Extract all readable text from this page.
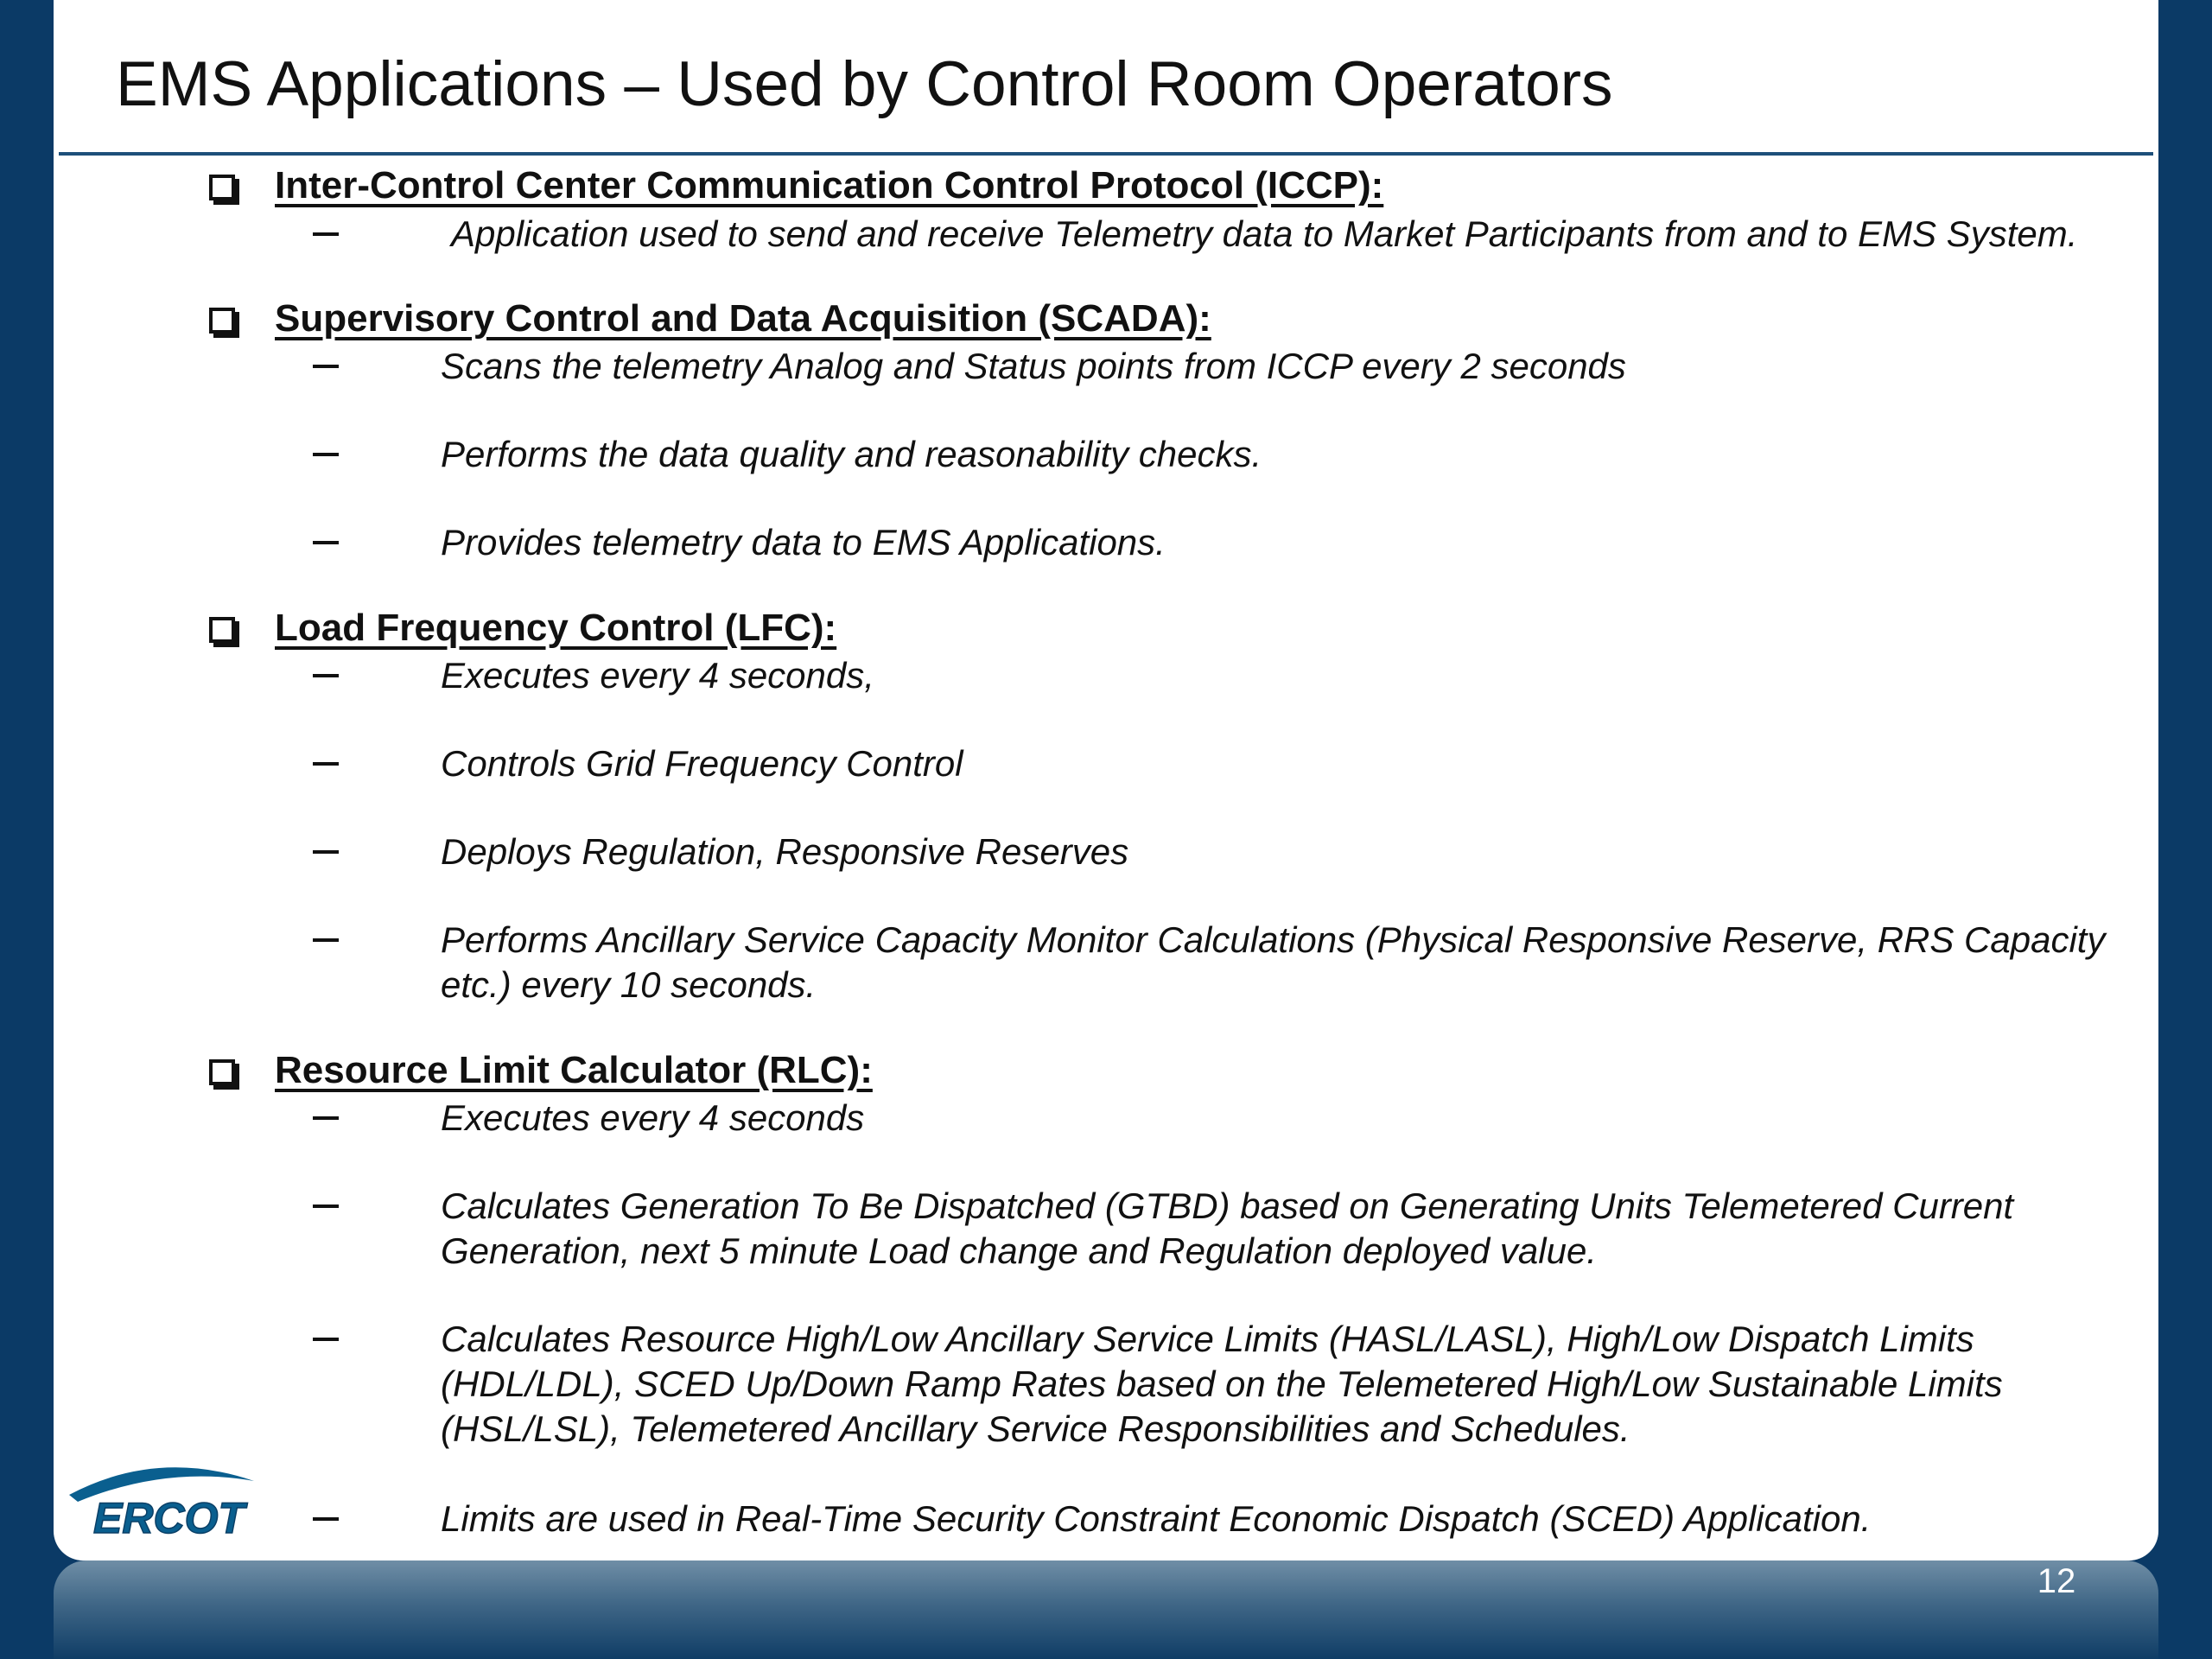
EMS Applications – Used by Control Room Operators
Inter-Control Center Communication Control Protocol (ICCP):
Application used to send and receive Telemetry data to Market Participants from and to EMS System.
Supervisory Control and Data Acquisition (SCADA):
Scans the telemetry Analog and Status points from ICCP every 2 seconds
Performs the data quality and reasonability checks.
Provides telemetry data to EMS Applications.
Load Frequency Control (LFC):
Executes every 4 seconds,
Controls Grid Frequency Control
Deploys Regulation, Responsive Reserves
Performs Ancillary Service Capacity Monitor Calculations (Physical Responsive Reserve, RRS Capacity etc.) every 10 seconds.
Resource Limit Calculator (RLC):
Executes every 4 seconds
Calculates Generation To Be Dispatched (GTBD) based on Generating Units Telemetered Current Generation, next 5 minute Load change and Regulation deployed value.
Calculates Resource High/Low Ancillary Service Limits (HASL/LASL), High/Low Dispatch Limits (HDL/LDL), SCED Up/Down Ramp Rates based on the Telemetered High/Low Sustainable Limits (HSL/LSL), Telemetered Ancillary Service Responsibilities and Schedules.
Limits are used in Real-Time Security Constraint Economic Dispatch (SCED) Application.
ERCOT
12
